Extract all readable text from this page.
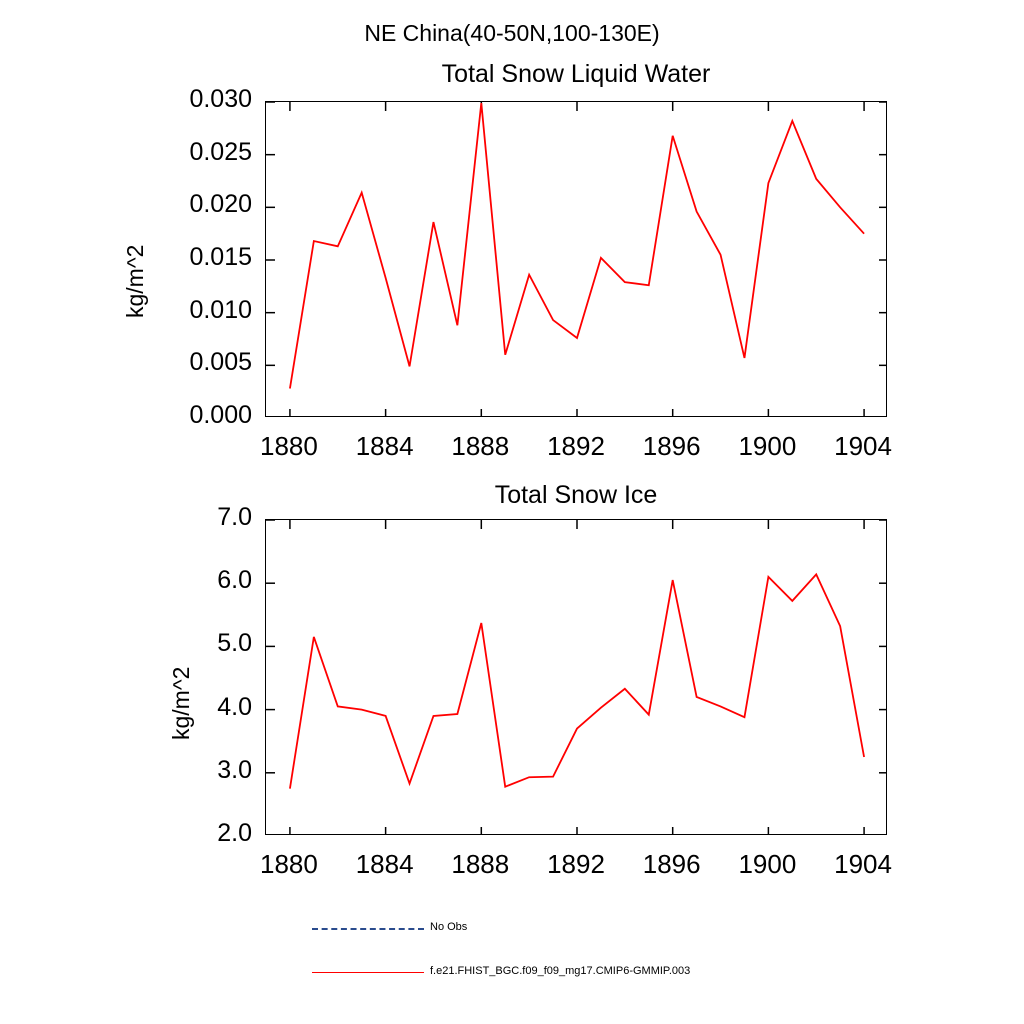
NE China(40-50N,100-130E)
Total Snow Liquid Water
kg/m^2
Total Snow Ice
kg/m^2
No Obs
f.e21.FHIST_BGC.f09_f09_mg17.CMIP6-GMMIP.003
1880	1884	1888	1892	1896	1900	1904
0.000
0.005
0.010
0.015
0.020
0.025
0.030
1880	1884	1888	1892	1896	1900	1904
2.0
3.0
4.0
5.0
6.0
7.0
